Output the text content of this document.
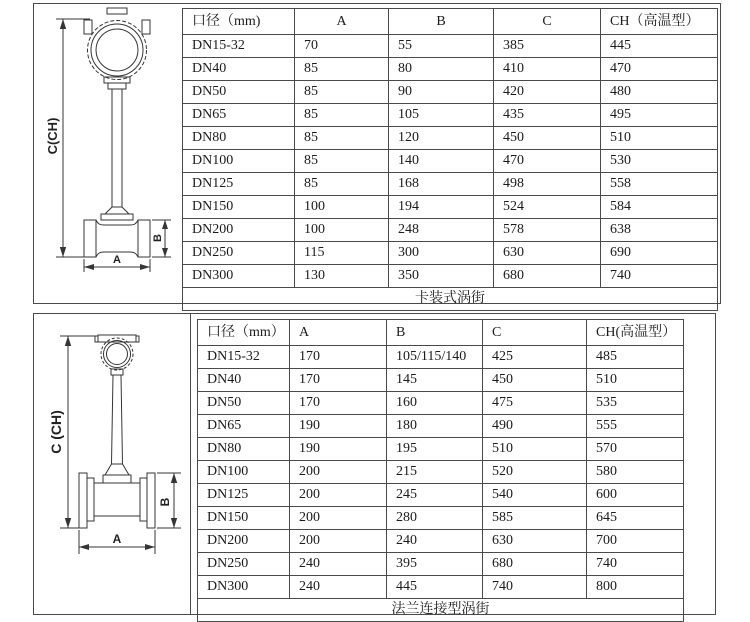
C(CH)
B
A
口径（mm)	A	B	C	CH（高温型）
DN15-32	70	55	385	445
DN40	85	80	410	470
DN50	85	90	420	480
DN65	85	105	435	495
DN80	85	120	450	510
DN100	85	140	470	530
DN125	85	168	498	558
DN150	100	194	524	584
DN200	100	248	578	638
DN250	115	300	630	690
DN300	130	350	680	740
卡装式涡街				
C (CH)
B
A
口径（mm）	A	B	C	CH(高温型）
DN15-32	170	105/115/140	425	485
DN40	170	145	450	510
DN50	170	160	475	535
DN65	190	180	490	555
DN80	190	195	510	570
DN100	200	215	520	580
DN125	200	245	540	600
DN150	200	280	585	645
DN200	200	240	630	700
DN250	240	395	680	740
DN300	240	445	740	800
法兰连接型涡街				
